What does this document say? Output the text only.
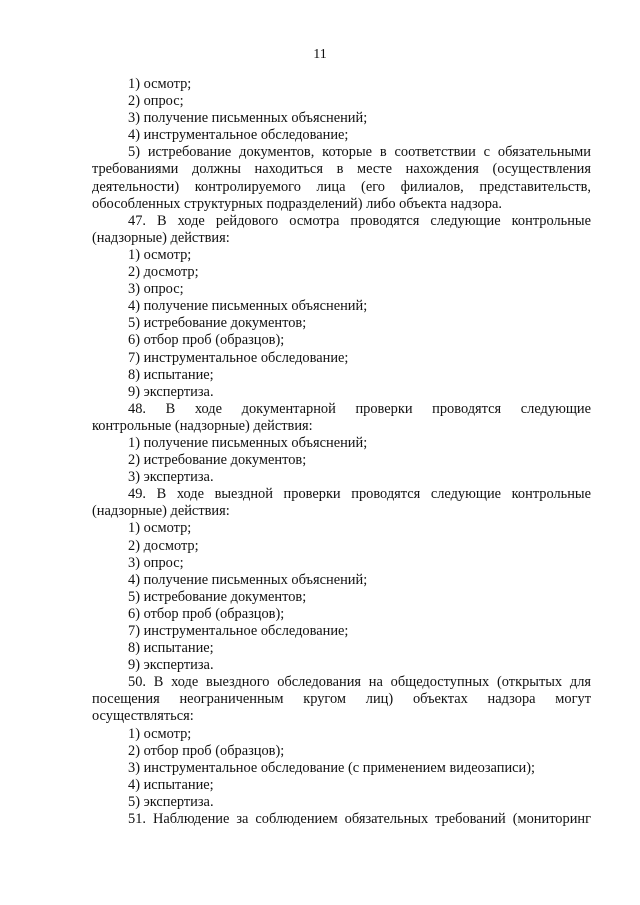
11
1) осмотр;
2) опрос;
3) получение письменных объяснений;
4) инструментальное обследование;
5) истребование документов, которые в соответствии с обязательными
требованиями должны находиться в месте нахождения (осуществления
деятельности) контролируемого лица (его филиалов, представительств,
обособленных структурных подразделений) либо объекта надзора.
47. В ходе рейдового осмотра проводятся следующие контрольные
(надзорные) действия:
1) осмотр;
2) досмотр;
3) опрос;
4) получение письменных объяснений;
5) истребование документов;
6) отбор проб (образцов);
7) инструментальное обследование;
8) испытание;
9) экспертиза.
48. В ходе документарной проверки проводятся следующие
контрольные (надзорные) действия:
1) получение письменных объяснений;
2) истребование документов;
3) экспертиза.
49. В ходе выездной проверки проводятся следующие контрольные
(надзорные) действия:
1) осмотр;
2) досмотр;
3) опрос;
4) получение письменных объяснений;
5) истребование документов;
6) отбор проб (образцов);
7) инструментальное обследование;
8) испытание;
9) экспертиза.
50. В ходе выездного обследования на общедоступных (открытых для
посещения неограниченным кругом лиц) объектах надзора могут
осуществляться:
1) осмотр;
2) отбор проб (образцов);
3) инструментальное обследование (с применением видеозаписи);
4) испытание;
5) экспертиза.
51. Наблюдение за соблюдением обязательных требований (мониторинг
